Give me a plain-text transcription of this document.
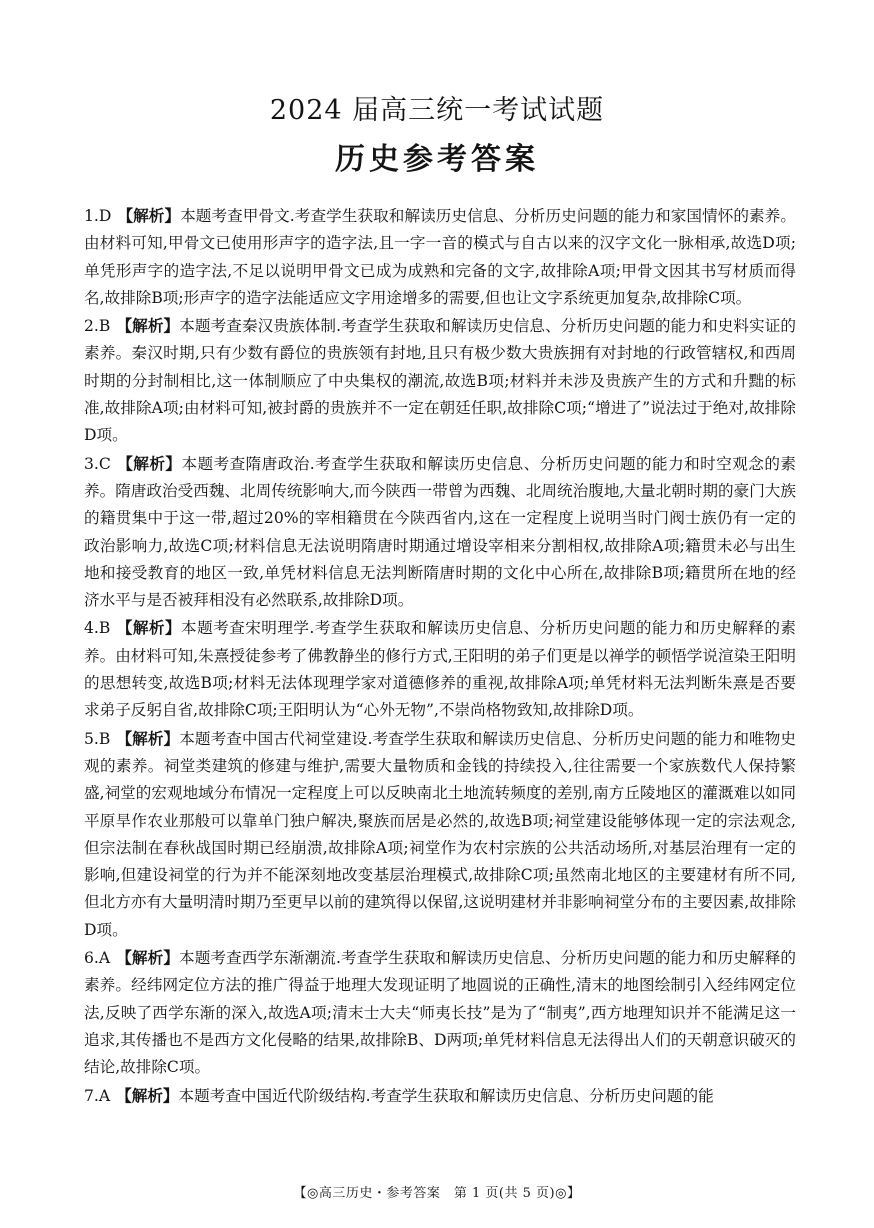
2024 届高三统一考试试题
历史参考答案
1.D 【解析】本题考查甲骨文.考查学生获取和解读历史信息、分析历史问题的能力和家国情怀的素养。由材料可知,甲骨文已使用形声字的造字法,且一字一音的模式与自古以来的汉字文化一脉相承,故选D项;单凭形声字的造字法,不足以说明甲骨文已成为成熟和完备的文字,故排除A项;甲骨文因其书写材质而得名,故排除B项;形声字的造字法能适应文字用途增多的需要,但也让文字系统更加复杂,故排除C项。
2.B 【解析】本题考查秦汉贵族体制.考查学生获取和解读历史信息、分析历史问题的能力和史料实证的素养。秦汉时期,只有少数有爵位的贵族领有封地,且只有极少数大贵族拥有对封地的行政管辖权,和西周时期的分封制相比,这一体制顺应了中央集权的潮流,故选B项;材料并未涉及贵族产生的方式和升黜的标准,故排除A项;由材料可知,被封爵的贵族并不一定在朝廷任职,故排除C项;“增进了”说法过于绝对,故排除D项。
3.C 【解析】本题考查隋唐政治.考查学生获取和解读历史信息、分析历史问题的能力和时空观念的素养。隋唐政治受西魏、北周传统影响大,而今陕西一带曾为西魏、北周统治腹地,大量北朝时期的豪门大族的籍贯集中于这一带,超过20%的宰相籍贯在今陕西省内,这在一定程度上说明当时门阀士族仍有一定的政治影响力,故选C项;材料信息无法说明隋唐时期通过增设宰相来分割相权,故排除A项;籍贯未必与出生地和接受教育的地区一致,单凭材料信息无法判断隋唐时期的文化中心所在,故排除B项;籍贯所在地的经济水平与是否被拜相没有必然联系,故排除D项。
4.B 【解析】本题考查宋明理学.考查学生获取和解读历史信息、分析历史问题的能力和历史解释的素养。由材料可知,朱熹授徒参考了佛教静坐的修行方式,王阳明的弟子们更是以禅学的顿悟学说渲染王阳明的思想转变,故选B项;材料无法体现理学家对道德修养的重视,故排除A项;单凭材料无法判断朱熹是否要求弟子反躬自省,故排除C项;王阳明认为“心外无物”,不崇尚格物致知,故排除D项。
5.B 【解析】本题考查中国古代祠堂建设.考查学生获取和解读历史信息、分析历史问题的能力和唯物史观的素养。祠堂类建筑的修建与维护,需要大量物质和金钱的持续投入,往往需要一个家族数代人保持繁盛,祠堂的宏观地域分布情况一定程度上可以反映南北土地流转频度的差别,南方丘陵地区的灌溉难以如同平原旱作农业那般可以靠单门独户解决,聚族而居是必然的,故选B项;祠堂建设能够体现一定的宗法观念,但宗法制在春秋战国时期已经崩溃,故排除A项;祠堂作为农村宗族的公共活动场所,对基层治理有一定的影响,但建设祠堂的行为并不能深刻地改变基层治理模式,故排除C项;虽然南北地区的主要建材有所不同,但北方亦有大量明清时期乃至更早以前的建筑得以保留,这说明建材并非影响祠堂分布的主要因素,故排除D项。
6.A 【解析】本题考查西学东渐潮流.考查学生获取和解读历史信息、分析历史问题的能力和历史解释的素养。经纬网定位方法的推广得益于地理大发现证明了地圆说的正确性,清末的地图绘制引入经纬网定位法,反映了西学东渐的深入,故选A项;清末士大夫“师夷长技”是为了“制夷”,西方地理知识并不能满足这一追求,其传播也不是西方文化侵略的结果,故排除B、D两项;单凭材料信息无法得出人们的天朝意识破灭的结论,故排除C项。
7.A 【解析】本题考查中国近代阶级结构.考查学生获取和解读历史信息、分析历史问题的能
【◎高三历史・参考答案　第 1 页(共 5 页)◎】
